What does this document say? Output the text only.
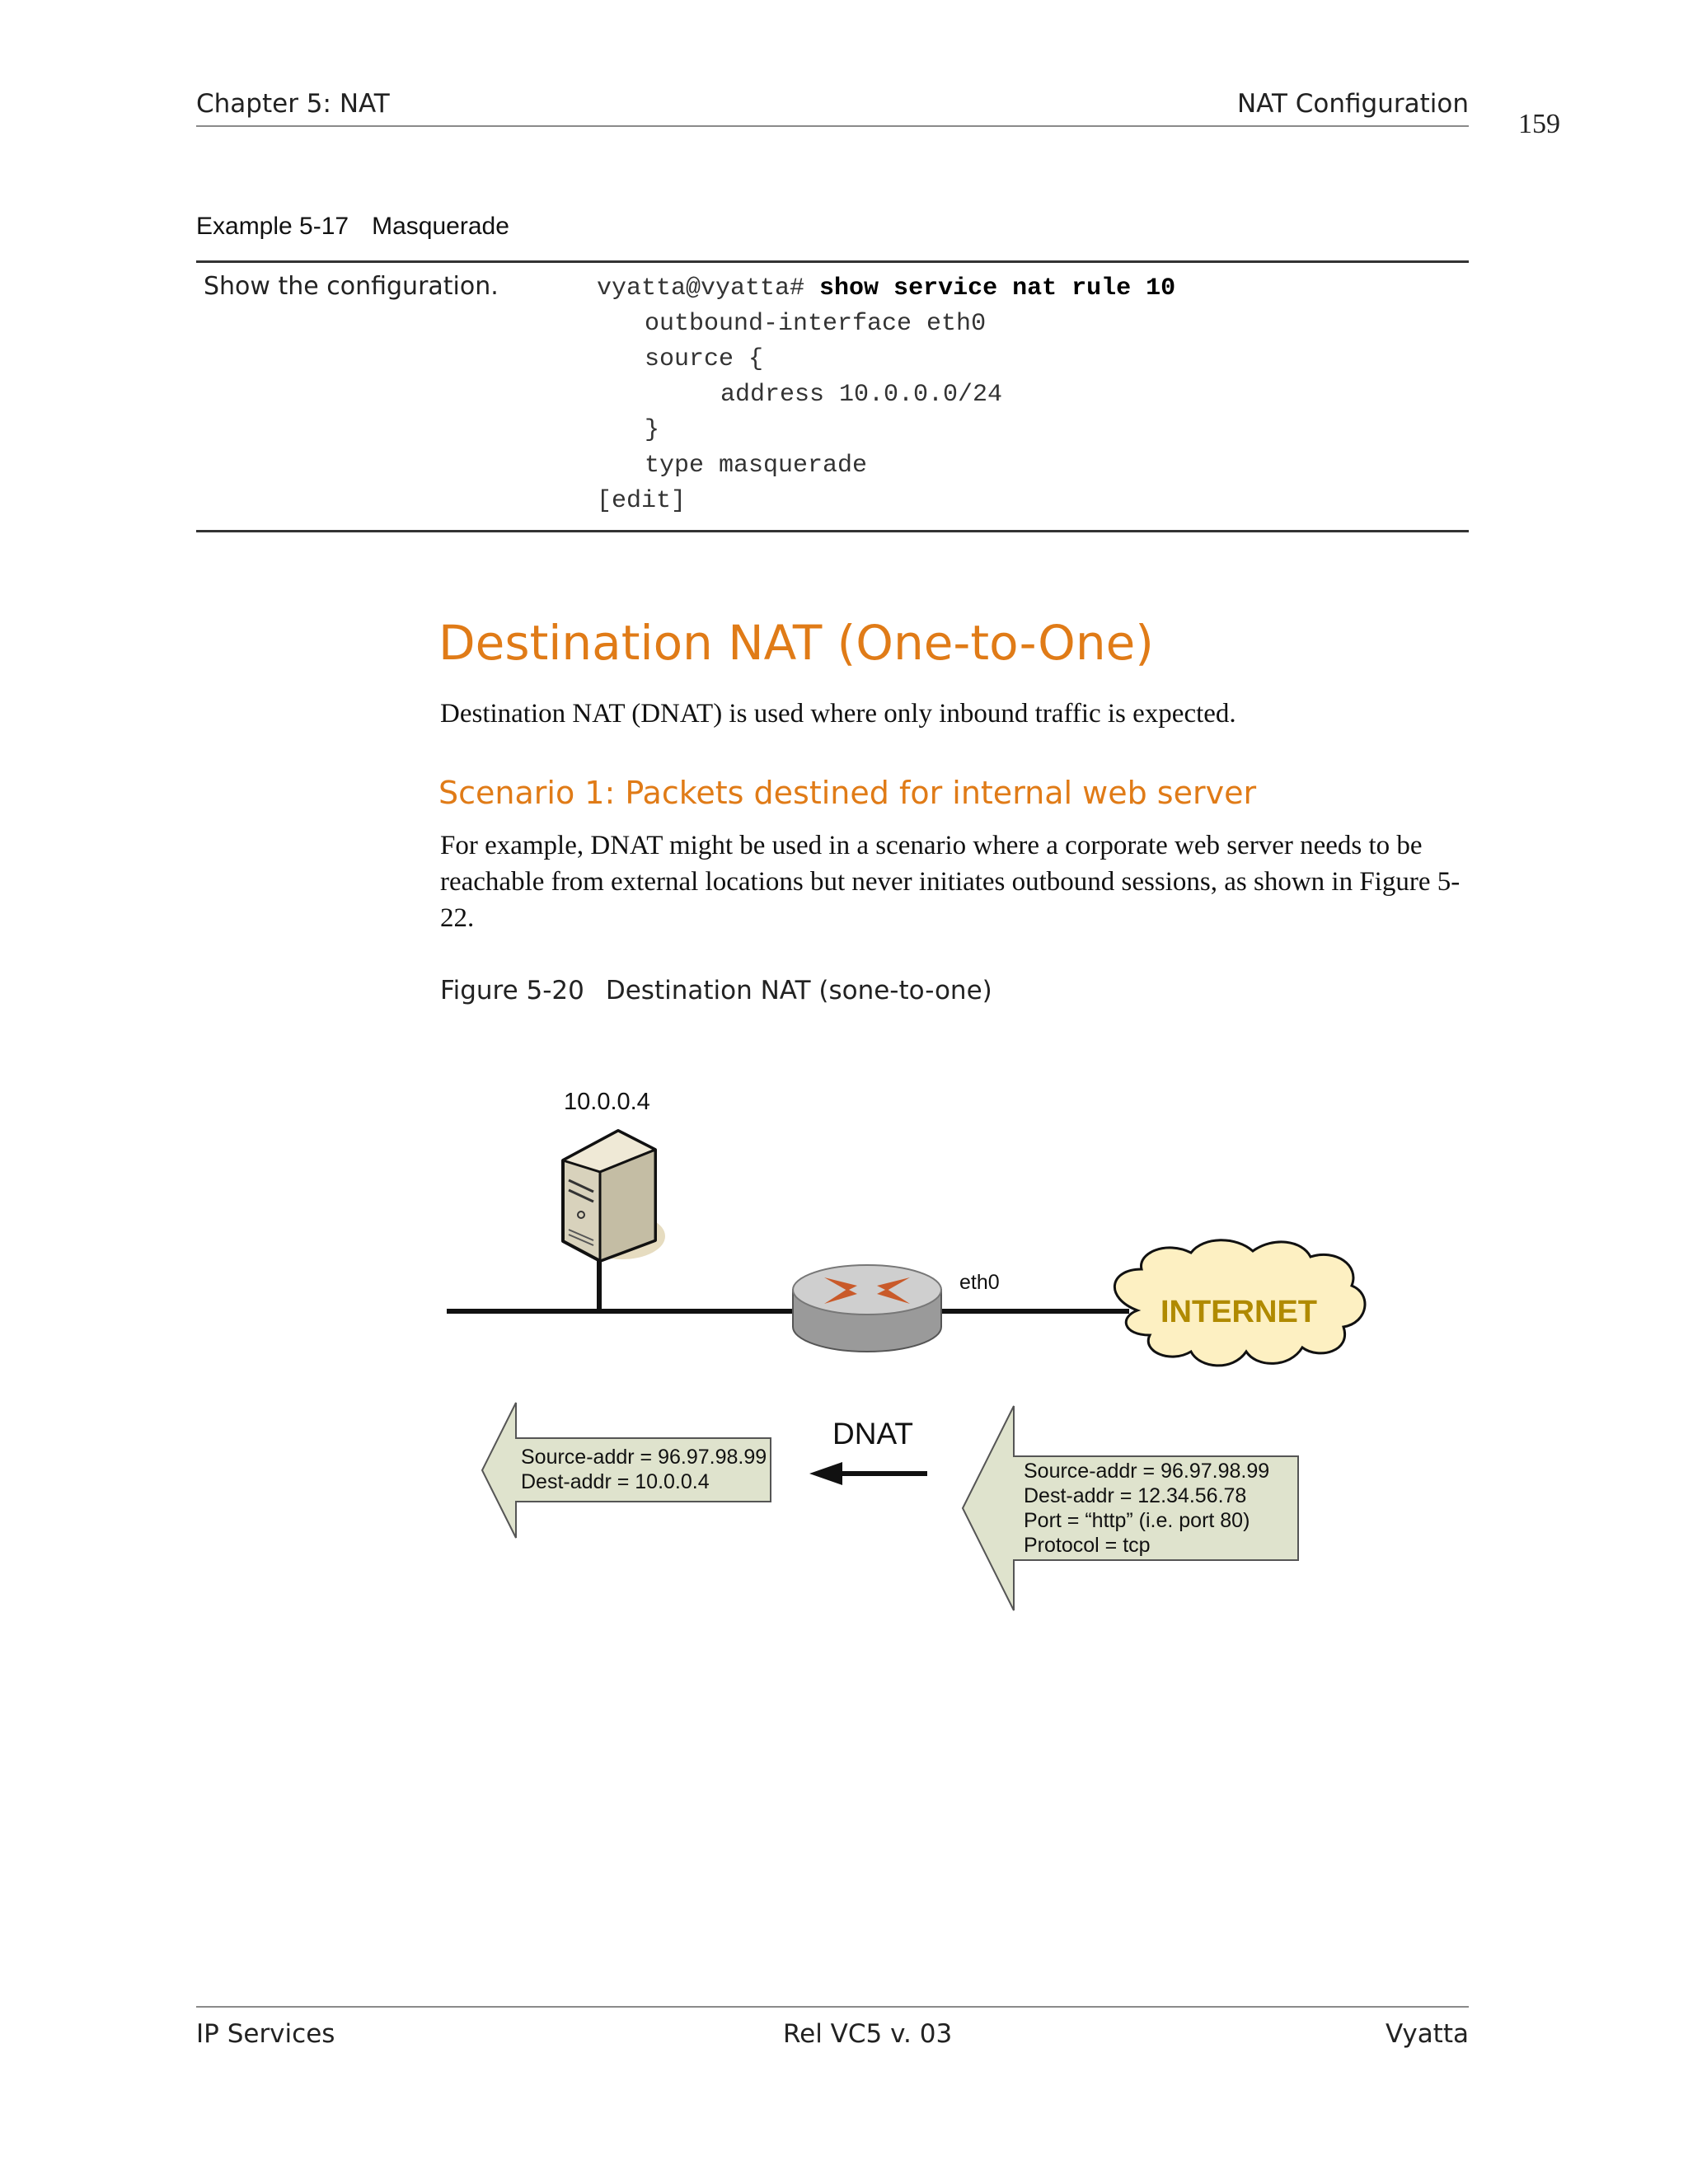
Chapter 5: NAT	NAT Configuration
159
Example 5-17 Masquerade
Show the configuration.	vyatta@vyatta# show service nat rule 10
outbound-interface eth0
source {
address 10.0.0.0/24
}
type masquerade
[edit]
Destination NAT (One-to-One)
Destination NAT (DNAT) is used where only inbound traffic is expected.
Scenario 1: Packets destined for internal web server
For example, DNAT might be used in a scenario where a corporate web server needs to be reachable from external locations but never initiates outbound sessions, as shown in Figure 5-22.
Figure 5-20 Destination NAT (sone-to-one)
10.0.0.4
eth0
INTERNET
DNAT
Source-addr = 96.97.98.99
Dest-addr = 10.0.0.4	Source-addr = 96.97.98.99
Dest-addr = 12.34.56.78
Port = “http” (i.e. port 80)
Protocol = tcp
IP Services	Rel VC5 v. 03	Vyatta
